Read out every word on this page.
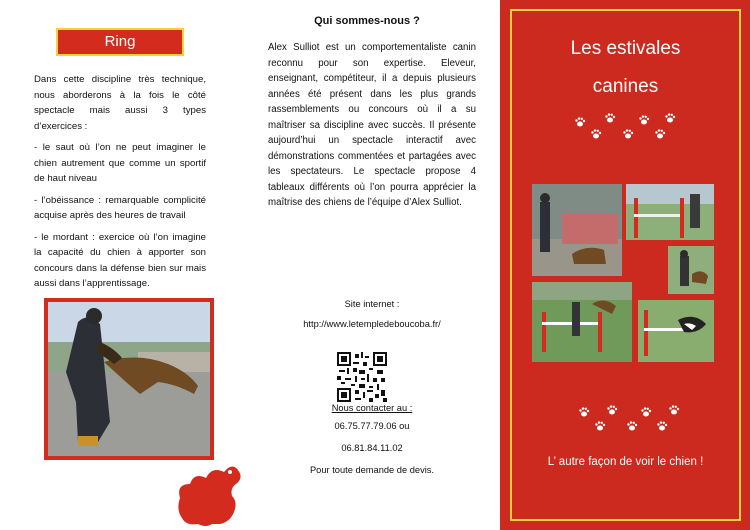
Ring

Dans cette discipline très technique, nous aborderons à la fois le côté spectacle mais aussi 3 types d’exercices :

- le saut où l’on ne peut imaginer le chien autrement que comme un sportif de haut niveau

- l’obéissance : remarquable complicité acquise après des heures de travail

- le mordant : exercice où l’on imagine la capacité du chien à apporter son concours dans la défense bien sur mais aussi dans l’apprentissage.

Qui sommes-nous ?
Alex Sulliot est un comportementaliste canin reconnu pour son expertise. Eleveur, enseignant, compétiteur, il a depuis plusieurs années été présent dans les plus grands rassemblements ou concours où il a su maîtriser sa discipline avec succès. Il présente aujourd’hui un spectacle interactif avec démonstrations commentées et partagées avec les spectateurs. Le spectacle propose 4 tableaux différents où l’on pourra apprécier la maîtrise des chiens de l’équipe d’Alex Sulliot.
Site internet :
http://www.letempledeboucoba.fr/
Nous contacter au :
06.75.77.79.06 ou
06.81.84.11.02
Pour toute demande de devis.
Les estivales
canines
L’ autre façon de voir le chien !
